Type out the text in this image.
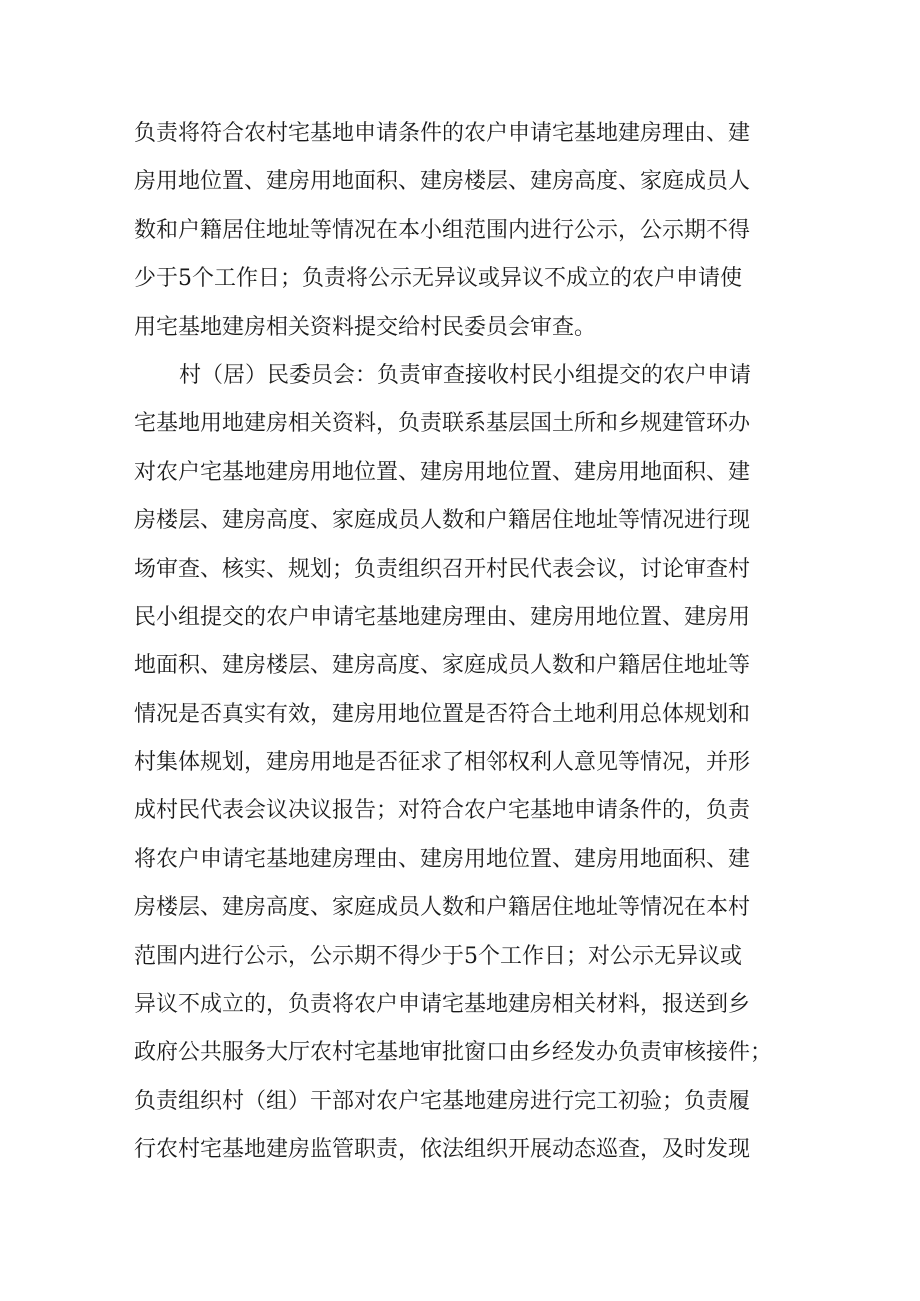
负责将符合农村宅基地申请条件的农户申请宅基地建房理由、建
房用地位置、建房用地面积、建房楼层、建房高度、家庭成员人
数和户籍居住地址等情况在本小组范围内进行公示，公示期不得
少于5个工作日；负责将公示无异议或异议不成立的农户申请使
用宅基地建房相关资料提交给村民委员会审查。
村（居）民委员会：负责审查接收村民小组提交的农户申请
宅基地用地建房相关资料，负责联系基层国土所和乡规建管环办
对农户宅基地建房用地位置、建房用地位置、建房用地面积、建
房楼层、建房高度、家庭成员人数和户籍居住地址等情况进行现
场审查、核实、规划；负责组织召开村民代表会议，讨论审查村
民小组提交的农户申请宅基地建房理由、建房用地位置、建房用
地面积、建房楼层、建房高度、家庭成员人数和户籍居住地址等
情况是否真实有效，建房用地位置是否符合土地利用总体规划和
村集体规划，建房用地是否征求了相邻权利人意见等情况，并形
成村民代表会议决议报告；对符合农户宅基地申请条件的，负责
将农户申请宅基地建房理由、建房用地位置、建房用地面积、建
房楼层、建房高度、家庭成员人数和户籍居住地址等情况在本村
范围内进行公示，公示期不得少于5个工作日；对公示无异议或
异议不成立的，负责将农户申请宅基地建房相关材料，报送到乡
政府公共服务大厅农村宅基地审批窗口由乡经发办负责审核接件；
负责组织村（组）干部对农户宅基地建房进行完工初验；负责履
行农村宅基地建房监管职责，依法组织开展动态巡查，及时发现
